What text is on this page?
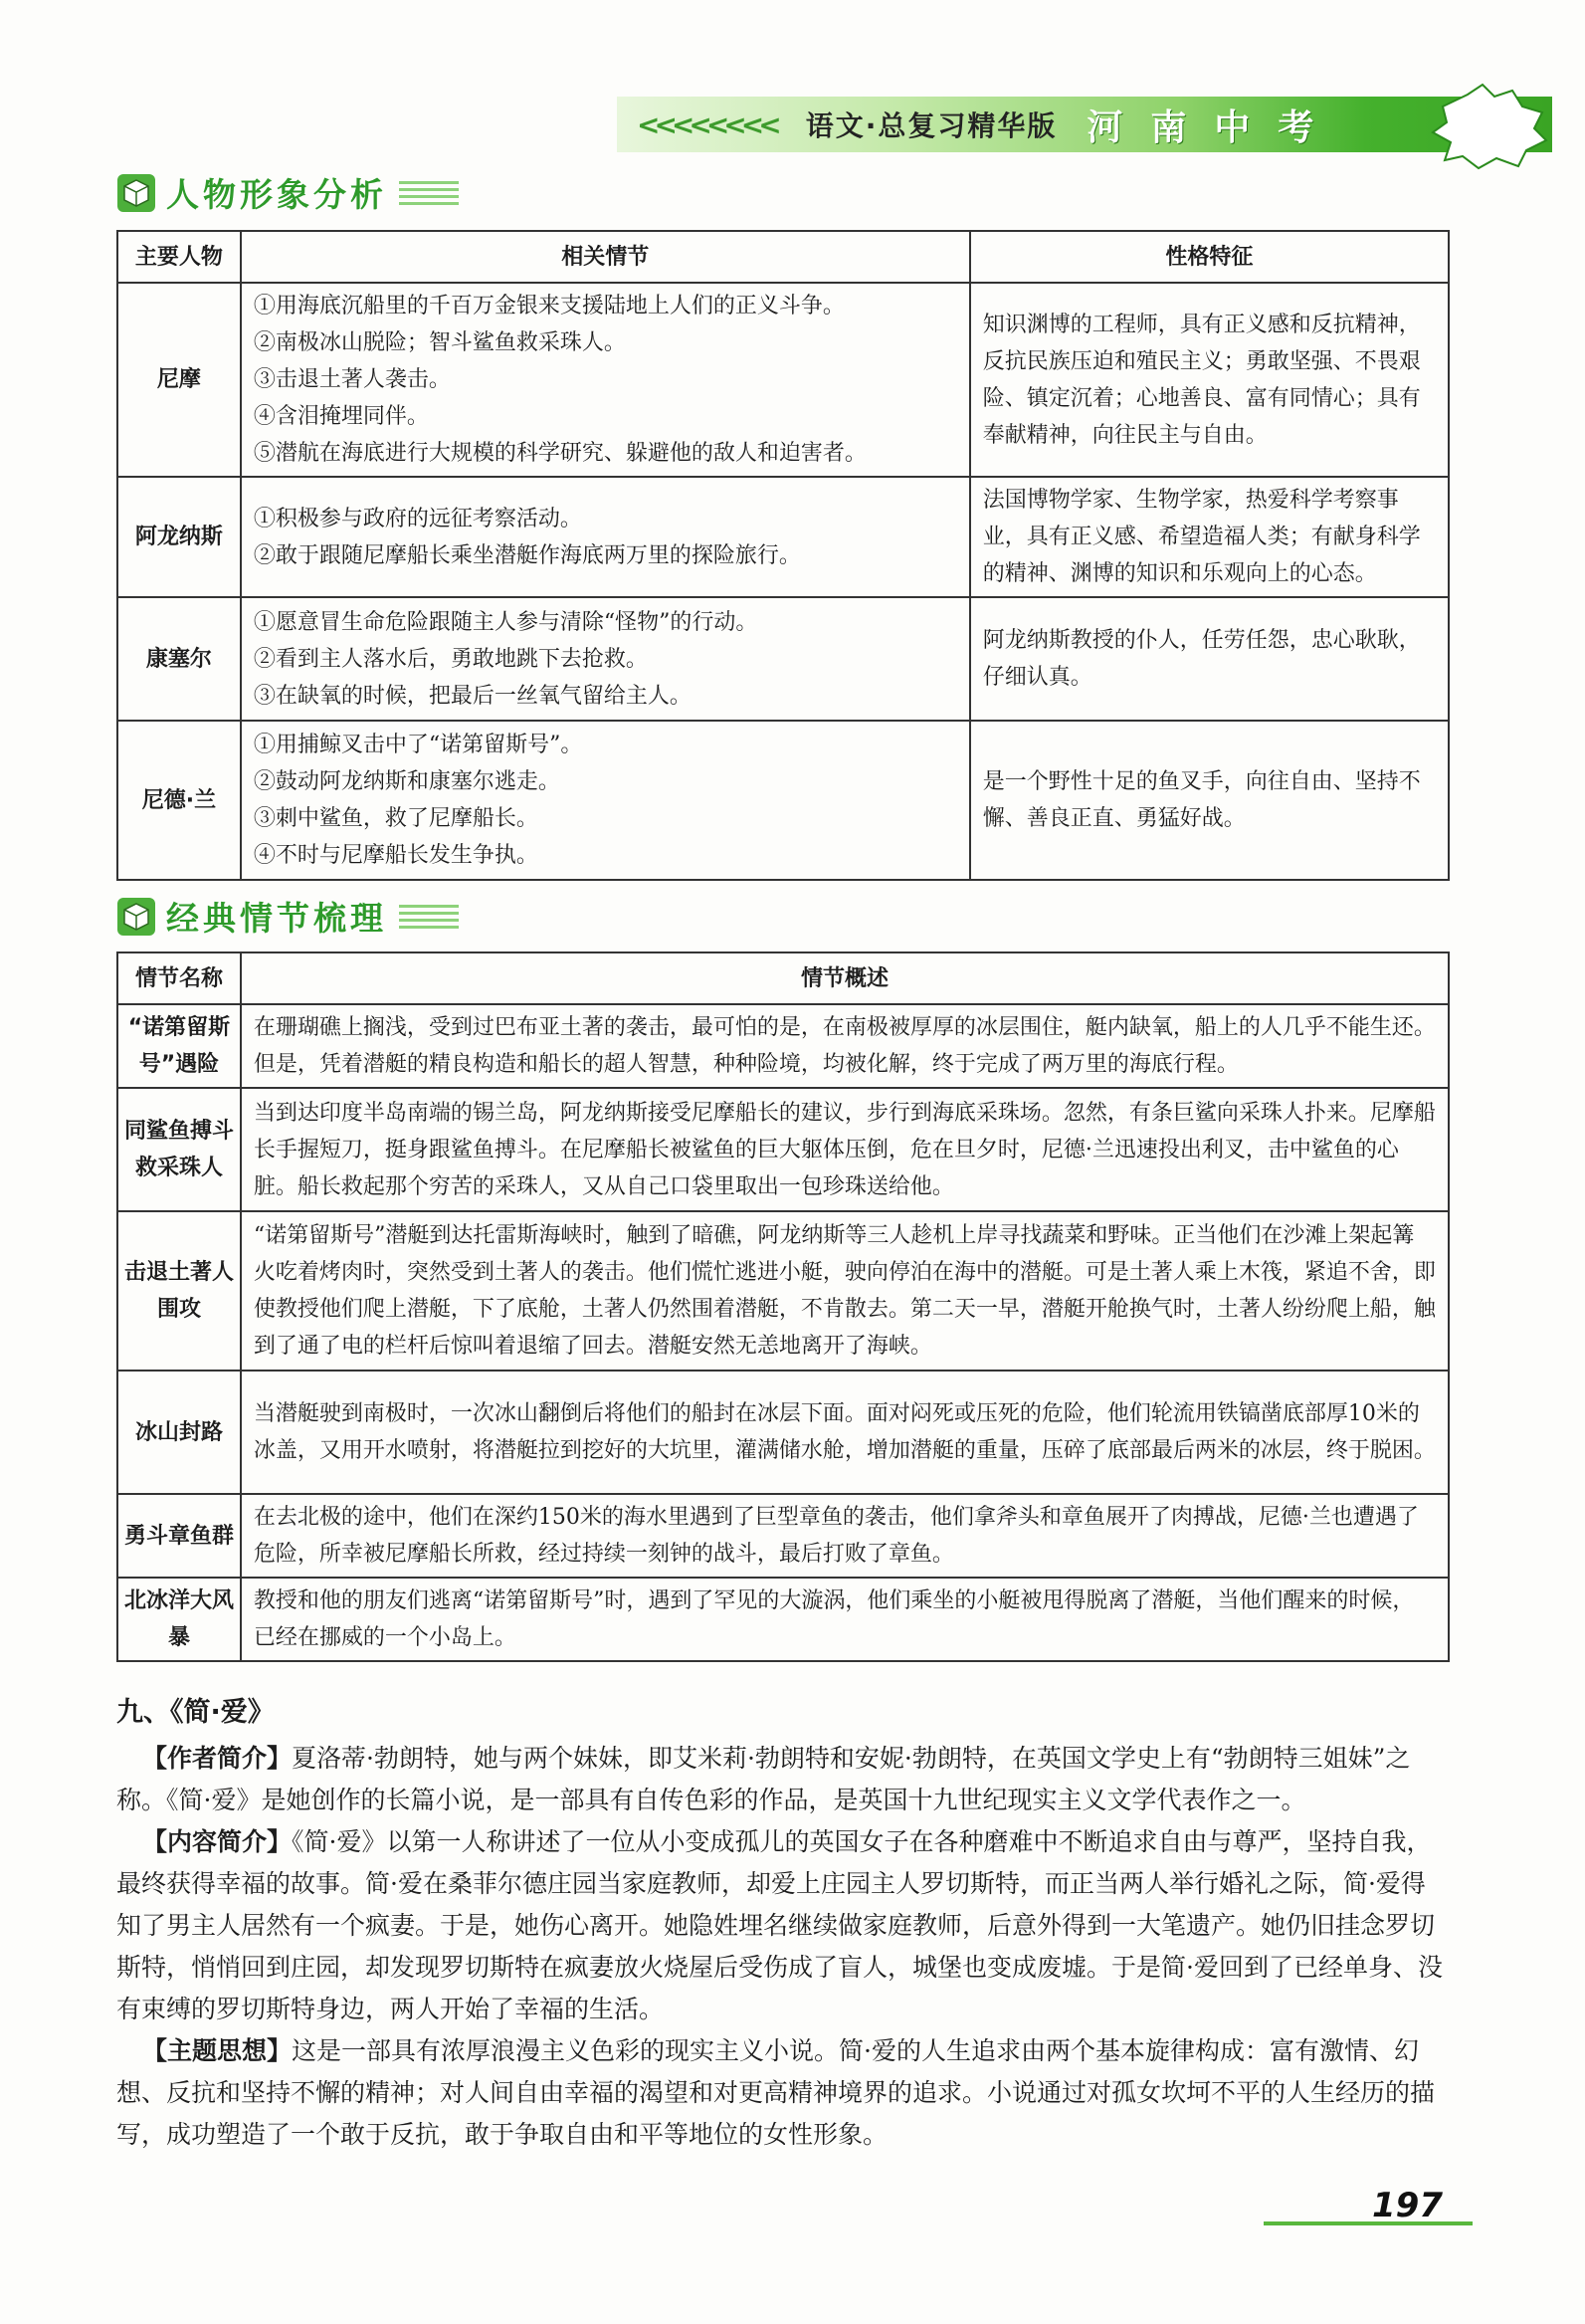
<<<<<<<< 语文·总复习精华版 河南中考
人物形象分析
主要人物	相关情节	性格特征
尼摩	①用海底沉船里的千百万金银来支援陆地上人们的正义斗争。
②南极冰山脱险；智斗鲨鱼救采珠人。
③击退土著人袭击。
④含泪掩埋同伴。
⑤潜航在海底进行大规模的科学研究、躲避他的敌人和迫害者。	知识渊博的工程师，具有正义感和反抗精神，反抗民族压迫和殖民主义；勇敢坚强、不畏艰险、镇定沉着；心地善良、富有同情心；具有奉献精神，向往民主与自由。
阿龙纳斯	①积极参与政府的远征考察活动。
②敢于跟随尼摩船长乘坐潜艇作海底两万里的探险旅行。	法国博物学家、生物学家，热爱科学考察事业，具有正义感、希望造福人类；有献身科学的精神、渊博的知识和乐观向上的心态。
康塞尔	①愿意冒生命危险跟随主人参与清除“怪物”的行动。
②看到主人落水后，勇敢地跳下去抢救。
③在缺氧的时候，把最后一丝氧气留给主人。	阿龙纳斯教授的仆人，任劳任怨，忠心耿耿，仔细认真。
尼德·兰	①用捕鲸叉击中了“诺第留斯号”。
②鼓动阿龙纳斯和康塞尔逃走。
③刺中鲨鱼，救了尼摩船长。
④不时与尼摩船长发生争执。	是一个野性十足的鱼叉手，向往自由、坚持不懈、善良正直、勇猛好战。
经典情节梳理
情节名称	情节概述
“诺第留斯号”遇险	在珊瑚礁上搁浅，受到过巴布亚土著的袭击，最可怕的是，在南极被厚厚的冰层围住，艇内缺氧，船上的人几乎不能生还。但是，凭着潜艇的精良构造和船长的超人智慧，种种险境，均被化解，终于完成了两万里的海底行程。
同鲨鱼搏斗救采珠人	当到达印度半岛南端的锡兰岛，阿龙纳斯接受尼摩船长的建议，步行到海底采珠场。忽然，有条巨鲨向采珠人扑来。尼摩船长手握短刀，挺身跟鲨鱼搏斗。在尼摩船长被鲨鱼的巨大躯体压倒，危在旦夕时，尼德·兰迅速投出利叉，击中鲨鱼的心脏。船长救起那个穷苦的采珠人，又从自己口袋里取出一包珍珠送给他。
击退土著人围攻	“诺第留斯号”潜艇到达托雷斯海峡时，触到了暗礁，阿龙纳斯等三人趁机上岸寻找蔬菜和野味。正当他们在沙滩上架起篝火吃着烤肉时，突然受到土著人的袭击。他们慌忙逃进小艇，驶向停泊在海中的潜艇。可是土著人乘上木筏，紧追不舍，即使教授他们爬上潜艇，下了底舱，土著人仍然围着潜艇，不肯散去。第二天一早，潜艇开舱换气时，土著人纷纷爬上船，触到了通了电的栏杆后惊叫着退缩了回去。潜艇安然无恙地离开了海峡。
冰山封路	当潜艇驶到南极时，一次冰山翻倒后将他们的船封在冰层下面。面对闷死或压死的危险，他们轮流用铁镐凿底部厚10米的冰盖，又用开水喷射，将潜艇拉到挖好的大坑里，灌满储水舱，增加潜艇的重量，压碎了底部最后两米的冰层，终于脱困。
勇斗章鱼群	在去北极的途中，他们在深约150米的海水里遇到了巨型章鱼的袭击，他们拿斧头和章鱼展开了肉搏战，尼德·兰也遭遇了危险，所幸被尼摩船长所救，经过持续一刻钟的战斗，最后打败了章鱼。
北冰洋大风暴	教授和他的朋友们逃离“诺第留斯号”时，遇到了罕见的大漩涡，他们乘坐的小艇被甩得脱离了潜艇，当他们醒来的时候，已经在挪威的一个小岛上。
九、《简·爱》

【作者简介】夏洛蒂·勃朗特，她与两个妹妹，即艾米莉·勃朗特和安妮·勃朗特，在英国文学史上有“勃朗特三姐妹”之称。《简·爱》是她创作的长篇小说，是一部具有自传色彩的作品，是英国十九世纪现实主义文学代表作之一。

【内容简介】《简·爱》以第一人称讲述了一位从小变成孤儿的英国女子在各种磨难中不断追求自由与尊严，坚持自我，最终获得幸福的故事。简·爱在桑菲尔德庄园当家庭教师，却爱上庄园主人罗切斯特，而正当两人举行婚礼之际，简·爱得知了男主人居然有一个疯妻。于是，她伤心离开。她隐姓埋名继续做家庭教师，后意外得到一大笔遗产。她仍旧挂念罗切斯特，悄悄回到庄园，却发现罗切斯特在疯妻放火烧屋后受伤成了盲人，城堡也变成废墟。于是简·爱回到了已经单身、没有束缚的罗切斯特身边，两人开始了幸福的生活。

【主题思想】这是一部具有浓厚浪漫主义色彩的现实主义小说。简·爱的人生追求由两个基本旋律构成：富有激情、幻想、反抗和坚持不懈的精神；对人间自由幸福的渴望和对更高精神境界的追求。小说通过对孤女坎坷不平的人生经历的描写，成功塑造了一个敢于反抗，敢于争取自由和平等地位的女性形象。

197
